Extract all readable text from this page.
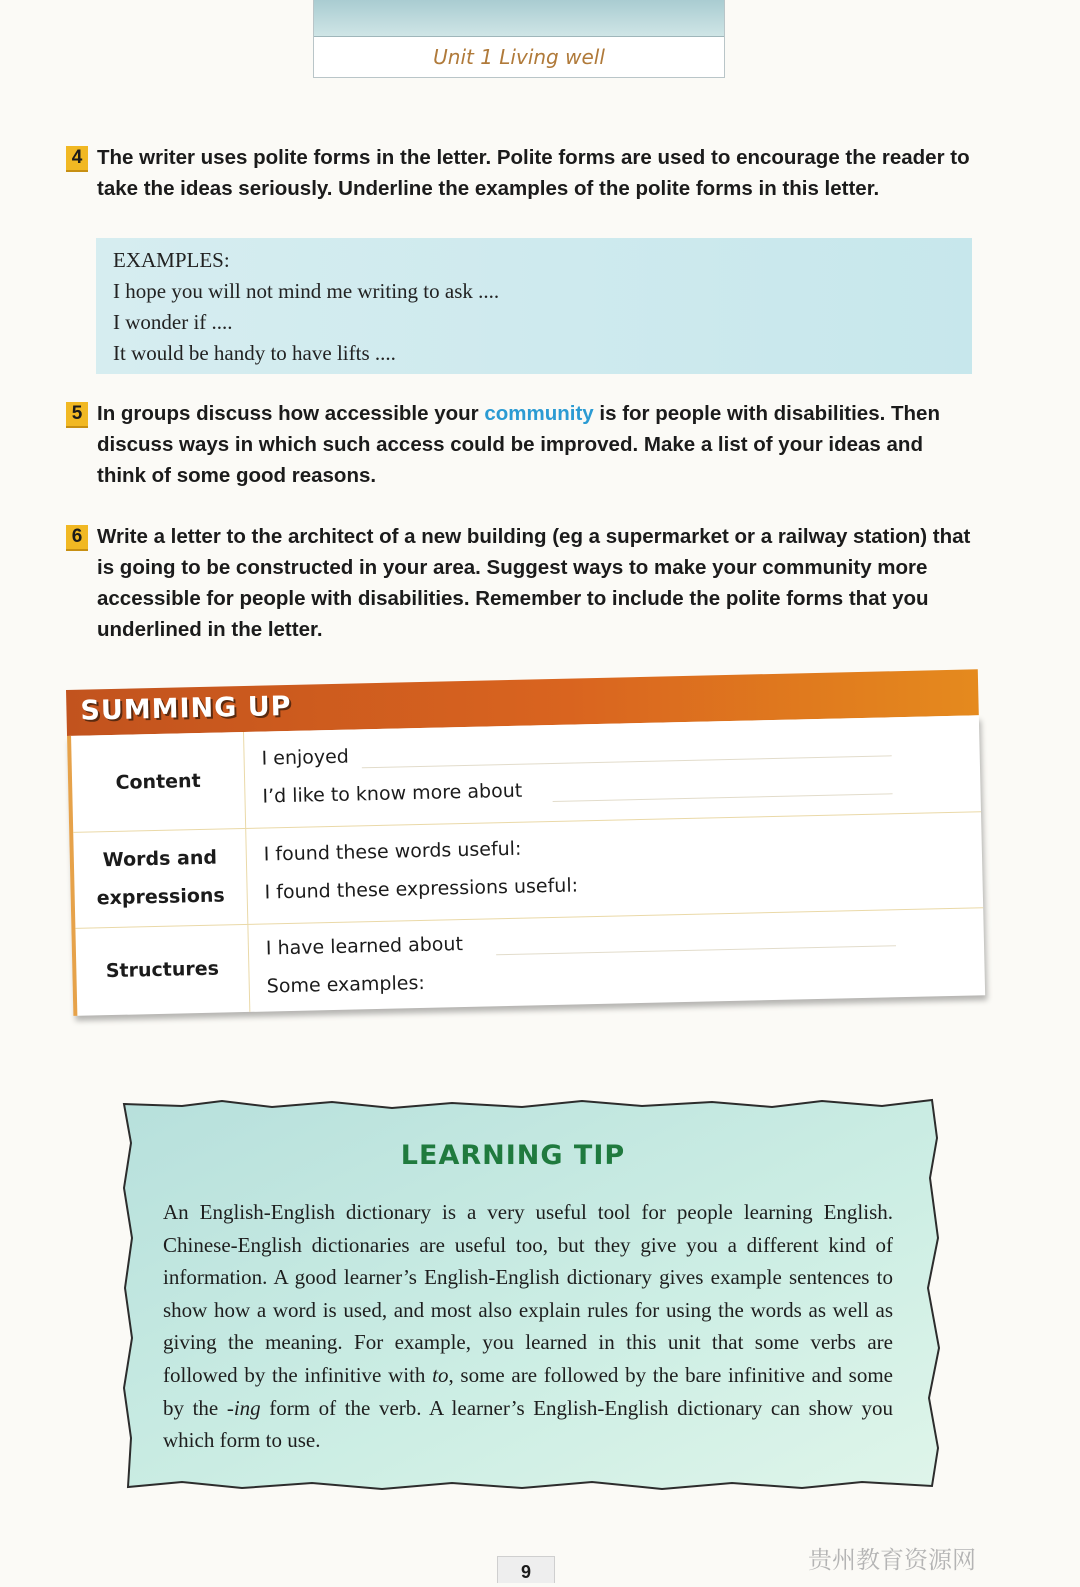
Unit 1 Living well
4 The writer uses polite forms in the letter. Polite forms are used to encourage the reader to take the ideas seriously. Underline the examples of the polite forms in this letter.
EXAMPLES:
I hope you will not mind me writing to ask ....
I wonder if ....
It would be handy to have lifts ....
5 In groups discuss how accessible your community is for people with disabilities. Then discuss ways in which such access could be improved. Make a list of your ideas and think of some good reasons.
6 Write a letter to the architect of a new building (eg a supermarket or a railway station) that is going to be constructed in your area. Suggest ways to make your community more accessible for people with disabilities. Remember to include the polite forms that you underlined in the letter.
SUMMING UP
Content
I enjoyed
I’d like to know more about
Words and expressions
I found these words useful:
I found these expressions useful:
Structures
I have learned about
Some examples:
LEARNING TIP
An English-English dictionary is a very useful tool for people learning English. Chinese-English dictionaries are useful too, but they give you a different kind of information. A good learner’s English-English dictionary gives example sentences to show how a word is used, and most also explain rules for using the words as well as giving the meaning. For example, you learned in this unit that some verbs are followed by the infinitive with to, some are followed by the bare infinitive and some by the -ing form of the verb. A learner’s English-English dictionary can show you which form to use.
9	贵州教育资源网
